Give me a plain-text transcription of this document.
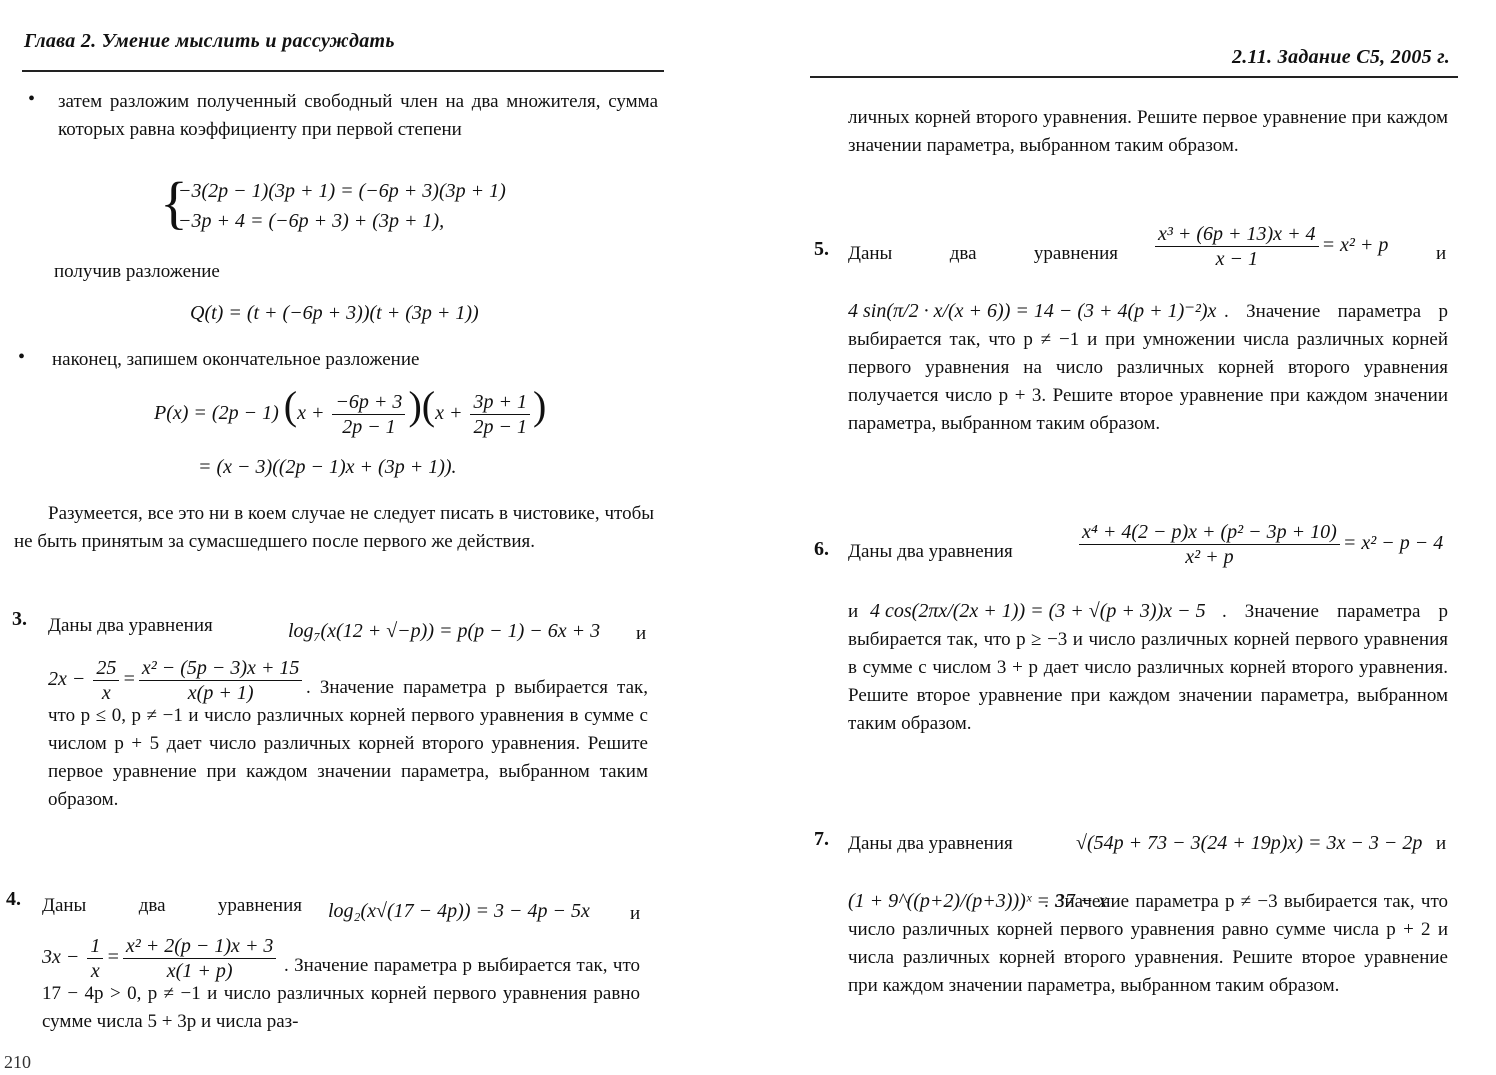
Глава 2. Умение мыслить и рассуждать
• затем разложим полученный свободный член на два множителя, сумма которых равна коэффициенту при первой степени
{
−3(2p − 1)(3p + 1) = (−6p + 3)(3p + 1)
−3p + 4 = (−6p + 3) + (3p + 1),
получив разложение
Q(t) = (t + (−6p + 3))(t + (3p + 1))
• наконец, запишем окончательное разложение
P(x) = (2p − 1) $(x + \frac{-6p + 3}{2p - 1} )(x + \frac{3p + 1}{2p - 1}$ )
= (x − 3)((2p − 1)x + (3p + 1)).
Разумеется, все это ни в коем случае не следует писать в чистовике, чтобы не быть принятым за сумасшедшего после первого же действия.
3. Даны два уравнения	log₇(x(12 + √−p)) = p(p − 1) − 6x + 3 и
$2x - \frac{25}{x} = \frac{\text{x² − (5p − 3)x + 15}}{x(p + 1)}$ . Значение параметра p выбирается так, что p ≤ 0, p ≠ −1 и число различных корней первого уравнения в сумме с числом p + 5 дает число различных корней второго уравнения. Решите первое уравнение при каждом значении параметра, выбранном таким образом.
4. Даны два уравнения log₂(x√(17 − 4p)) = 3 − 4p − 5x и
$3x - \frac{1}{x} = \frac{\text{x² + 2(p − 1)x + 3}}{x(1 + p)}$ . Значение параметра p выбирается так, что 17 − 4p > 0, p ≠ −1 и число различных корней первого уравнения равно сумме числа 5 + 3p и числа раз-
210
2.11. Задание С5, 2005 г.
личных корней второго уравнения. Решите первое уравнение при каждом значении параметра, выбранном таким образом.
5. Даны два уравнения $\frac{\text{x³ + (6p + 13)x + 4}}{x - 1} = x^2 + p$	и
4 sin(π/2 · x/(x + 6)) = 14 − (3 + 4(p + 1)⁻²)x . Значение параметра p выбирается так, что p ≠ −1 и при умножении числа различных корней первого уравнения на число различных корней второго уравнения получается число p + 3. Решите второе уравнение при каждом значении параметра, выбранном таким образом.
6. Даны два уравнения	$\frac{\text{x⁴ + 4(2 − p)x + (p² − 3p + 10)}}{\text{x² + p}} = x^2 - p - 4$
и 4 cos(2πx/(2x + 1)) = (3 + √(p + 3))x − 5 . Значение параметра p выбирается так, что p ≥ −3 и число различных корней первого уравнения в сумме с числом 3 + p дает число различных корней второго уравнения. Решите второе уравнение при каждом значении параметра, выбранном таким образом.
7. Даны два уравнения	√(54p + 73 − 3(24 + 19p)x) = 3x − 3 − 2p и
(1 + 9^((p+2)/(p+3)))ˣ = 37 − x
. Значение параметра p ≠ −3 выбирается так, что число различных корней первого уравнения равно сумме числа p + 2 и числа различных корней второго уравнения. Решите второе уравнение при каждом значении параметра, выбранном таким образом.
